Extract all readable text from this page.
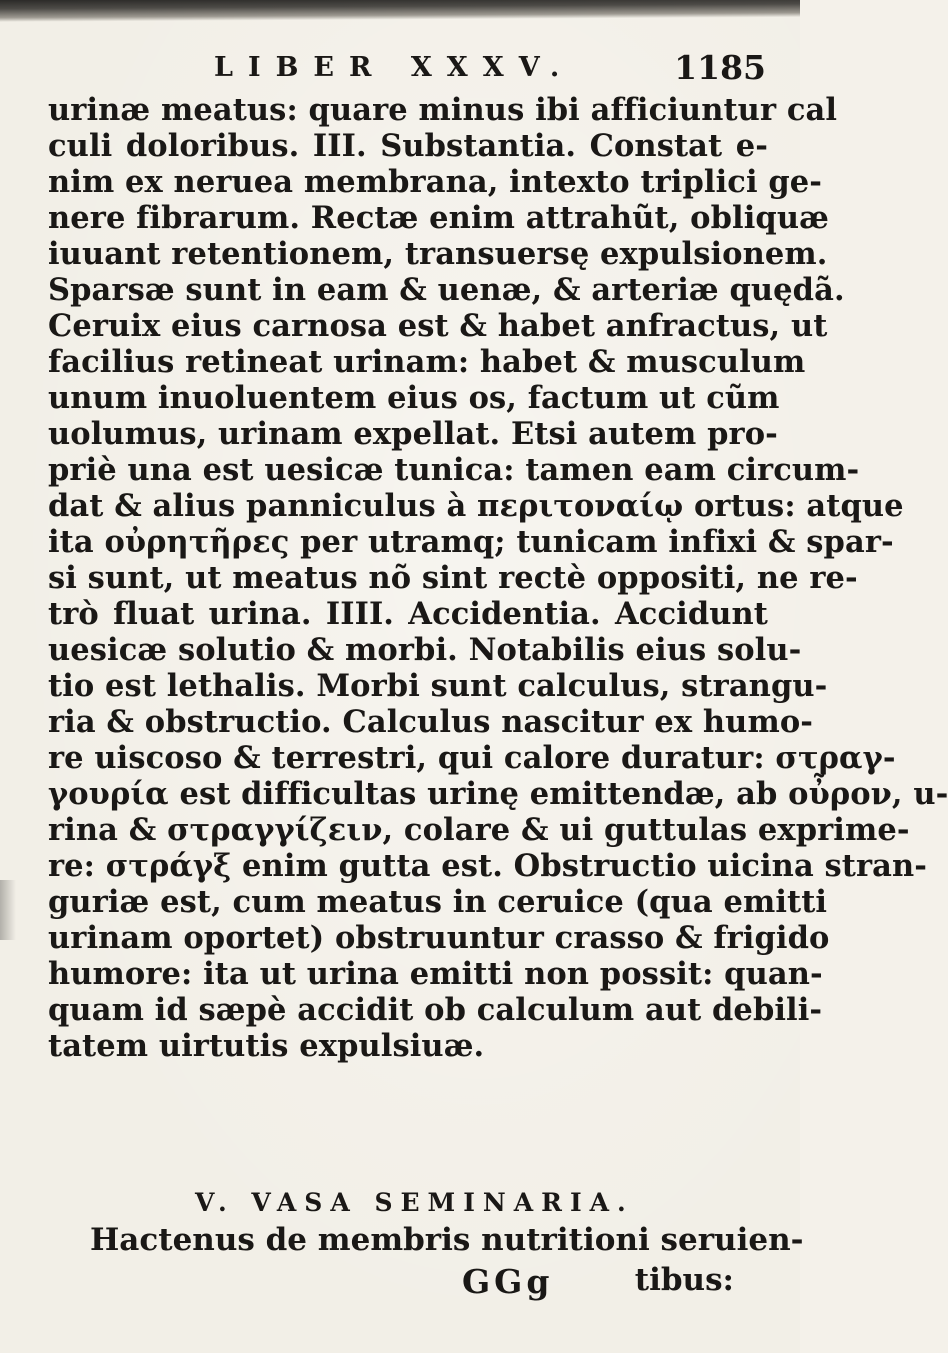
LIBER XXXV.	1185
urinæ meatus: quare minus ibi afficiuntur cal
culi doloribus. III. Substantia. Constat e-
nim ex neruea membrana, intexto triplici ge-
nere fibrarum. Rectæ enim attrahũt, obliquæ
iuuant retentionem, transuersę expulsionem.
Sparsæ sunt in eam & uenæ, & arteriæ quędã.
Ceruix eius carnosa est & habet anfractus, ut
facilius retineat urinam: habet & musculum
unum inuoluentem eius os, factum ut cũm
uolumus, urinam expellat. Etsi autem pro-
priè una est uesicæ tunica: tamen eam circum-
dat & alius panniculus à περιτοναίῳ ortus: atque
ita οὐρητῆρες per utramq; tunicam infixi & spar-
si sunt, ut meatus nõ sint rectè oppositi, ne re-
trò fluat urina. IIII. Accidentia. Accidunt
uesicæ solutio & morbi. Notabilis eius solu-
tio est lethalis. Morbi sunt calculus, strangu-
ria & obstructio. Calculus nascitur ex humo-
re uiscoso & terrestri, qui calore duratur: στραγ-
γουρία est difficultas urinę emittendæ, ab οὖρον, u-
rina & στραγγίζειν, colare & ui guttulas exprime-
re: στράγξ enim gutta est. Obstructio uicina stran-
guriæ est, cum meatus in ceruice (qua emitti
urinam oportet) obstruuntur crasso & frigido
humore: ita ut urina emitti non possit: quan-
quam id sæpè accidit ob calculum aut debili-
tatem uirtutis expulsiuæ.
V. VASA SEMINARIA.
Hactenus de membris nutritioni seruien-
GGg	tibus:
